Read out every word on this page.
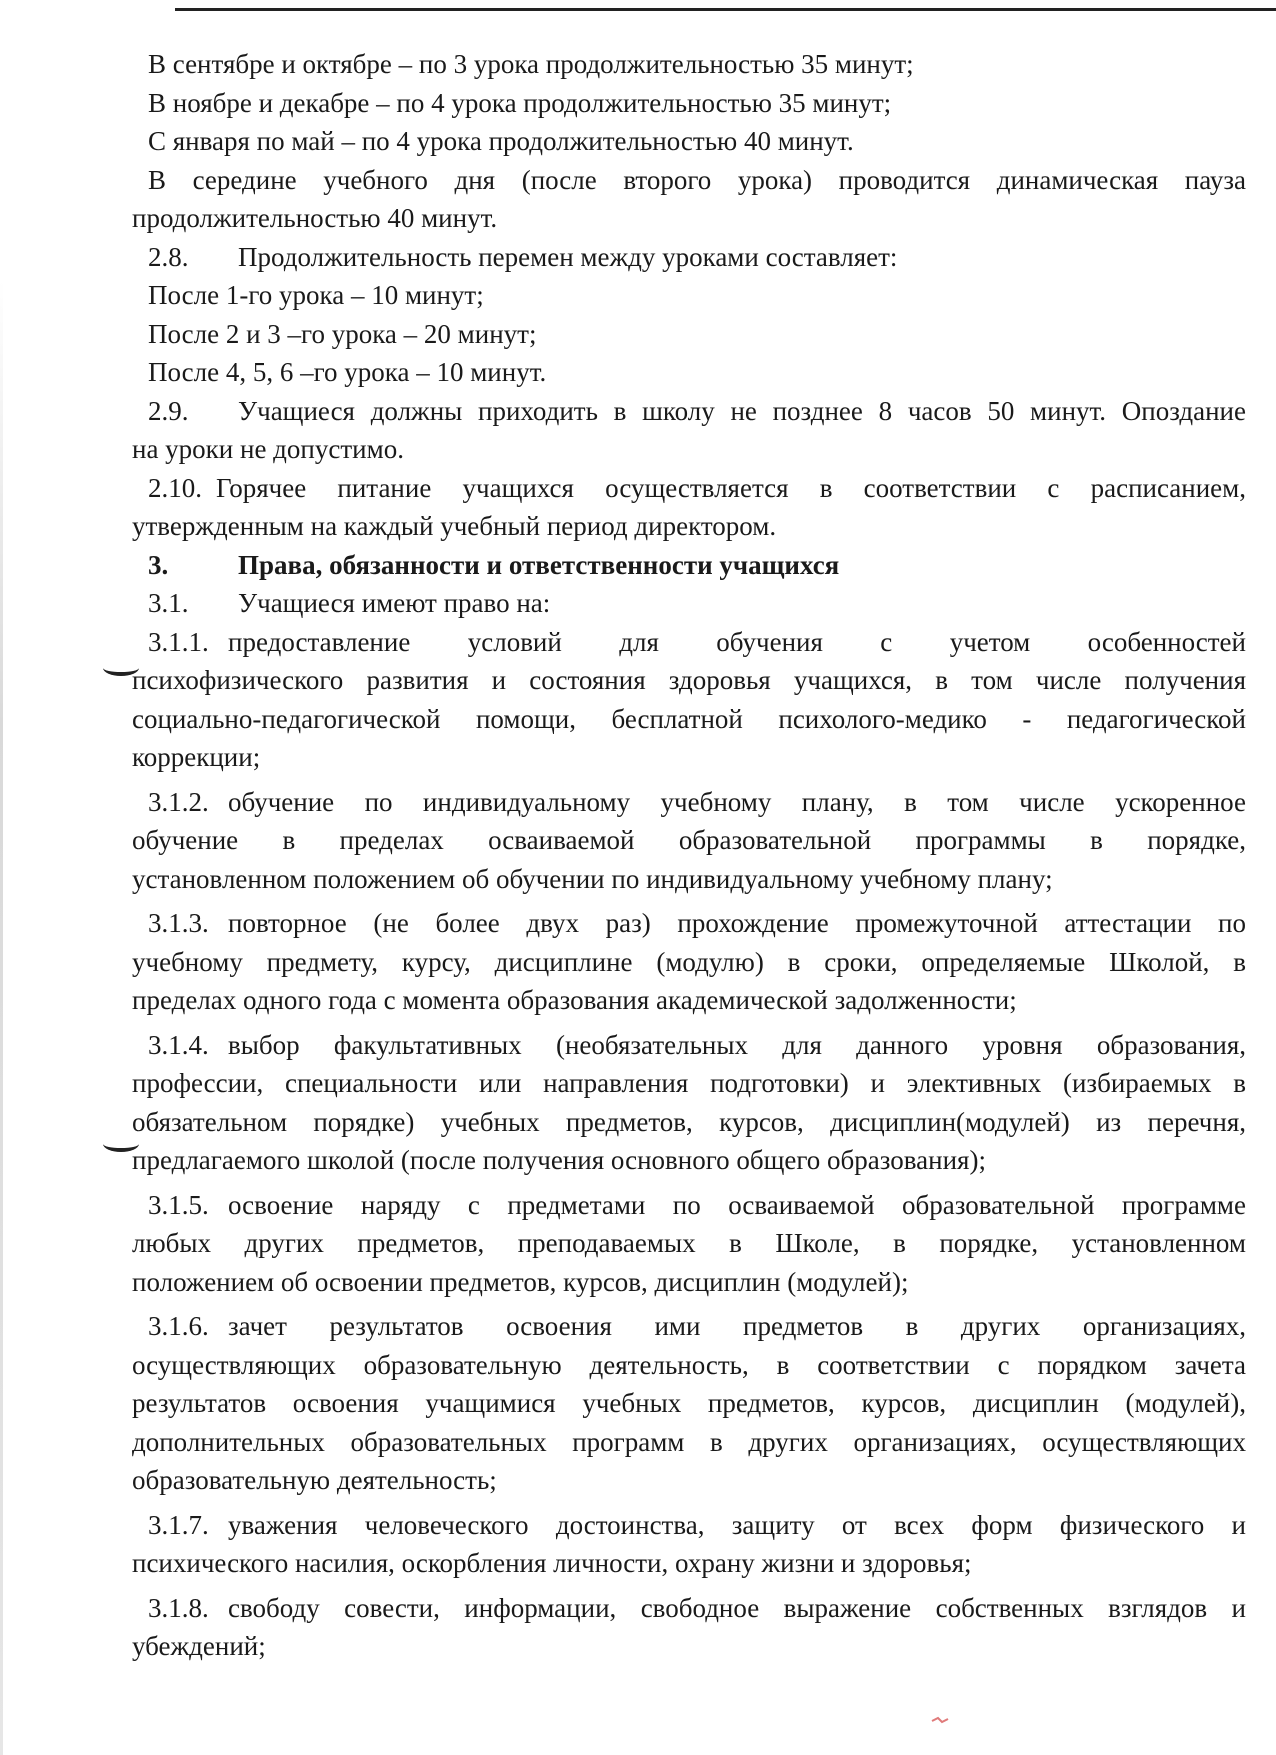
В сентябре и октябре – по 3 урока продолжительностью 35 минут;

В ноябре и декабре – по 4 урока продолжительностью 35 минут;

С января по май – по 4 урока продолжительностью 40 минут.

В середине учебного дня (после второго урока) проводится динамическая пауза

продолжительностью 40 минут.

2.8. Продолжительность перемен между уроками составляет:

После 1-го урока – 10 минут;

После 2 и 3 –го урока – 20 минут;

После 4, 5, 6 –го урока – 10 минут.

2.9. Учащиеся должны приходить в школу не позднее 8 часов 50 минут. Опоздание

на уроки не допустимо.

2.10. Горячее питание учащихся осуществляется в соответствии с расписанием,

утвержденным на каждый учебный период директором.

3.	Права, обязанности и ответственности учащихся

3.1. Учащиеся имеют право на:

3.1.1. предоставление условий для обучения с учетом особенностей

психофизического развития и состояния здоровья учащихся, в том числе получения

социально-педагогической помощи, бесплатной психолого-медико - педагогической

коррекции;

3.1.2. обучение по индивидуальному учебному плану, в том числе ускоренное

обучение в пределах осваиваемой образовательной программы в порядке,

установленном положением об обучении по индивидуальному учебному плану;

3.1.3. повторное (не более двух раз) прохождение промежуточной аттестации по

учебному предмету, курсу, дисциплине (модулю) в сроки, определяемые Школой, в

пределах одного года с момента образования академической задолженности;

3.1.4. выбор факультативных (необязательных для данного уровня образования,

профессии, специальности или направления подготовки) и элективных (избираемых в

обязательном порядке) учебных предметов, курсов, дисциплин(модулей) из перечня,

предлагаемого школой (после получения основного общего образования);

3.1.5. освоение наряду с предметами по осваиваемой образовательной программе

любых других предметов, преподаваемых в Школе, в порядке, установленном

положением об освоении предметов, курсов, дисциплин (модулей);

3.1.6. зачет результатов освоения ими предметов в других организациях,

осуществляющих образовательную деятельность, в соответствии с порядком зачета

результатов освоения учащимися учебных предметов, курсов, дисциплин (модулей),

дополнительных образовательных программ в других организациях, осуществляющих

образовательную деятельность;

3.1.7. уважения человеческого достоинства, защиту от всех форм физического и

психического насилия, оскорбления личности, охрану жизни и здоровья;

3.1.8. свободу совести, информации, свободное выражение собственных взглядов и

убеждений;
